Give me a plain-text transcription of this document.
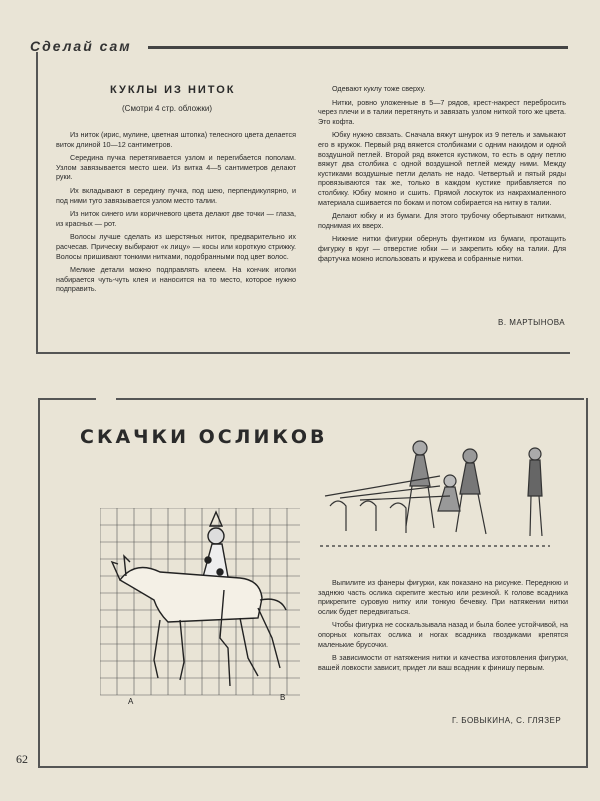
Сделай сам
КУКЛЫ ИЗ НИТОК
(Смотри 4 стр. обложки)

Из ниток (ирис, мулине, цветная штопка) телесного цвета делается виток длиной 10—12 сантиметров.

Середина пучка перетягивается узлом и перегибается пополам. Узлом завязывается место шеи. Из витка 4—5 сантиметров делают руки.

Их вкладывают в середину пучка, под шею, перпендикулярно, и под ними туго завязывается узлом место талии.

Из ниток синего или коричневого цвета делают две точки — глаза, из красных — рот.

Волосы лучше сделать из шерстяных ниток, предварительно их расчесав. Прическу выбирают «к лицу» — косы или короткую стрижку. Волосы пришивают тонкими нитками, подобранными под цвет волос.

Мелкие детали можно подправлять клеем. На кончик иголки набирается чуть-чуть клея и наносится на то место, которое нужно подправить.

Одевают куклу тоже сверху.

Нитки, ровно уложенные в 5—7 рядов, крест-накрест перебросить через плечи и в талии перетянуть и завязать узлом ниткой того же цвета. Это кофта.

Юбку нужно связать. Сначала вяжут шнурок из 9 петель и замыкают его в кружок. Первый ряд вяжется столбиками с одним накидом и одной воздушной петлей. Второй ряд вяжется кустиком, то есть в одну петлю вяжут два столбика с одной воздушной петлей между ними. Между кустиками воздушные петли делать не надо. Четвертый и пятый ряды провязываются так же, только в каждом кустике прибавляется по столбику. Юбку можно и сшить. Прямой лоскуток из накрахмаленного материала сшивается по бокам и потом собирается на нитку в талии.

Делают юбку и из бумаги. Для этого трубочку обертывают нитками, поднимая их вверх.

Нижние нитки фигурки обернуть фунтиком из бумаги, протащить фигурку в круг — отверстие юбки — и закрепить юбку на талии. Для фартучка можно использовать и кружева и собранные нитки.

В. МАРТЫНОВА
СКАЧКИ ОСЛИКОВ
A	B

Выпилите из фанеры фигурки, как показано на рисунке. Переднюю и заднюю часть ослика скрепите жестью или резиной. К голове всадника прикрепите суровую нитку или тонкую бечевку. При натяжении нитки ослик будет передвигаться.

Чтобы фигурка не соскальзывала назад и была более устойчивой, на опорных копытах ослика и ногах всадника гвоздиками крепятся маленькие брусочки.

В зависимости от натяжения нитки и качества изготовления фигурки, вашей ловкости зависит, придет ли ваш всадник к финишу первым.

Г. БОВЫКИНА, С. ГЛЯЗЕР
62
